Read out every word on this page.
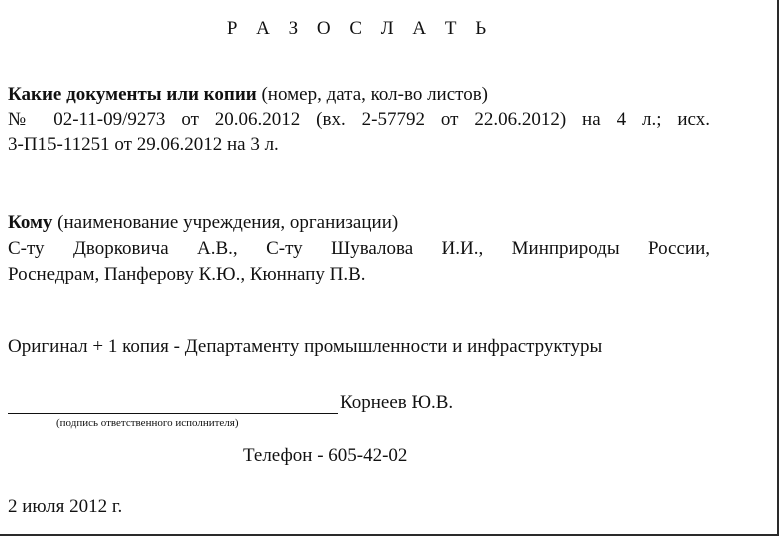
Р А З О С Л А Т Ь
Какие документы или копии (номер, дата, кол-во листов)
№ 02-11-09/9273 от 20.06.2012 (вх. 2-57792 от 22.06.2012) на 4 л.; исх.
3-П15-11251 от 29.06.2012 на 3 л.
Кому (наименование учреждения, организации)
С-ту Дворковича А.В., С-ту Шувалова И.И., Минприроды России,
Роснедрам, Панферову К.Ю., Кюннапу П.В.
Оригинал + 1 копия - Департаменту промышленности и инфраструктуры
Корнеев Ю.В.
(подпись ответственного исполнителя)
Телефон - 605-42-02
2 июля 2012 г.
